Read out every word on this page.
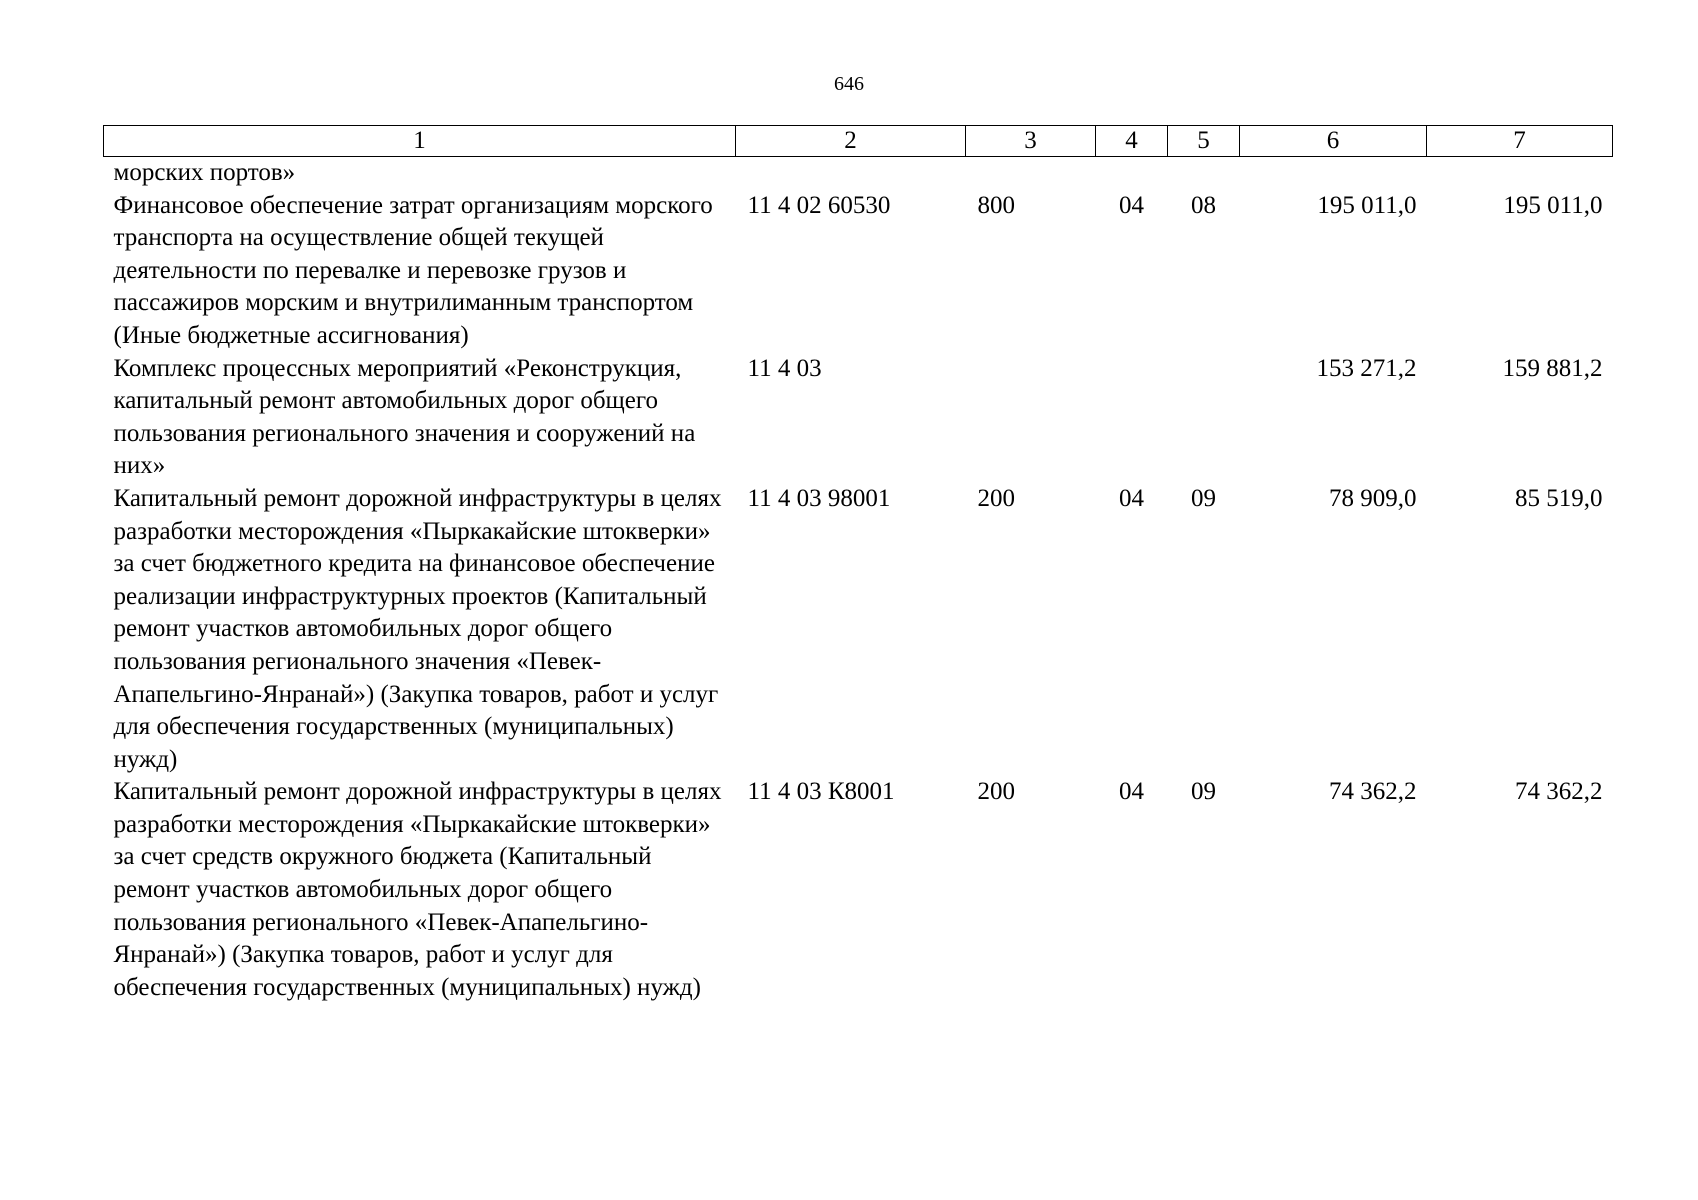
646
1	2	3	4	5	6	7
морских портов»						
Финансовое обеспечение затрат организациям морского транспорта на осуществление общей текущей деятельности по перевалке и перевозке грузов и пассажиров морским и внутрилиманным транспортом (Иные бюджетные ассигнования)	11 4 02 60530	800	04	08	195 011,0	195 011,0
Комплекс процессных мероприятий «Реконструкция, капитальный ремонт автомобильных дорог общего пользования регионального значения и сооружений на них»	11 4 03				153 271,2	159 881,2
Капитальный ремонт дорожной инфраструктуры в целях разработки месторождения «Пыркакайские штокверки» за счет бюджетного кредита на финансовое обеспечение реализации инфраструктурных проектов (Капитальный ремонт участков автомобильных дорог общего пользования регионального значения «Певек-Апапельгино-Янранай») (Закупка товаров, работ и услуг для обеспечения государственных (муниципальных) нужд)	11 4 03 98001	200	04	09	78 909,0	85 519,0
Капитальный ремонт дорожной инфраструктуры в целях разработки месторождения «Пыркакайские штокверки» за счет средств окружного бюджета (Капитальный ремонт участков автомобильных дорог общего пользования регионального «Певек-Апапельгино-Янранай») (Закупка товаров, работ и услуг для обеспечения государственных (муниципальных) нужд)	11 4 03 К8001	200	04	09	74 362,2	74 362,2
